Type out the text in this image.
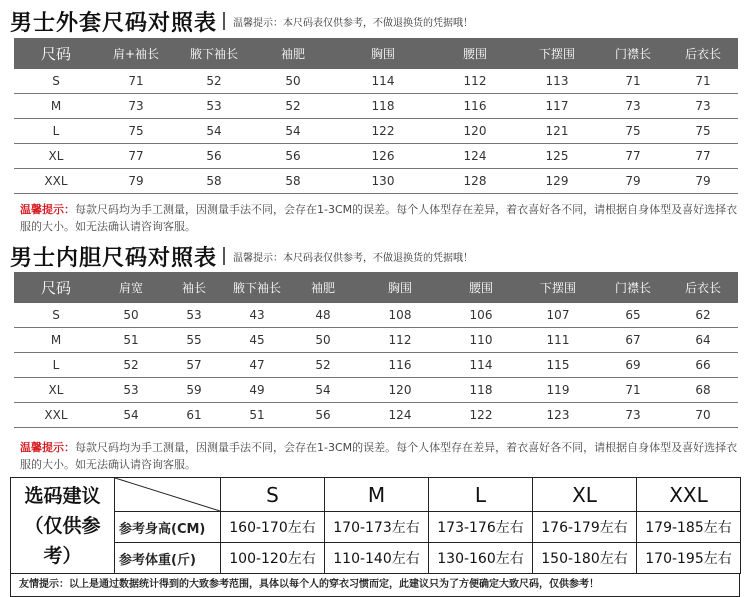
男士外套尺码对照表 温馨提示：本尺码表仅供参考，不做退换货的凭据哦！
尺码	肩+袖长	腋下袖长	袖肥	胸围	腰围	下摆围	门襟长	后衣长
S	71	52	50	114	112	113	71	71
M	73	53	52	118	116	117	73	73
L	75	54	54	122	120	121	75	75
XL	77	56	56	126	124	125	77	77
XXL	79	58	58	130	128	129	79	79
温馨提示：每款尺码均为手工测量，因测量手法不同，会存在1-3CM的误差。每个人体型存在差异，着衣喜好各不同，请根据自身体型及喜好选择衣服的大小。如无法确认请咨询客服。
男士内胆尺码对照表 温馨提示：本尺码表仅供参考，不做退换货的凭据哦！
尺码	肩宽	袖长	腋下袖长	袖肥	胸围	腰围	下摆围	门襟长	后衣长
S	50	53	43	48	108	106	107	65	62
M	51	55	45	50	112	110	111	67	64
L	52	57	47	52	116	114	115	69	66
XL	53	59	49	54	120	118	119	71	68
XXL	54	61	51	56	124	122	123	73	70
温馨提示：每款尺码均为手工测量，因测量手法不同，会存在1-3CM的误差。每个人体型存在差异，着衣喜好各不同，请根据自身体型及喜好选择衣服的大小。如无法确认请咨询客服。
选码建议
（仅供参考）		S	M	L	XL	XXL
	参考身高(CM)	160-170左右	170-173左右	173-176左右	176-179左右	179-185左右
	参考体重(斤)	100-120左右	110-140左右	130-160左右	150-180左右	170-195左右
友情提示：以上是通过数据统计得到的大致参考范围，具体以每个人的穿衣习惯而定，此建议只为了方便确定大致尺码，仅供参考！
